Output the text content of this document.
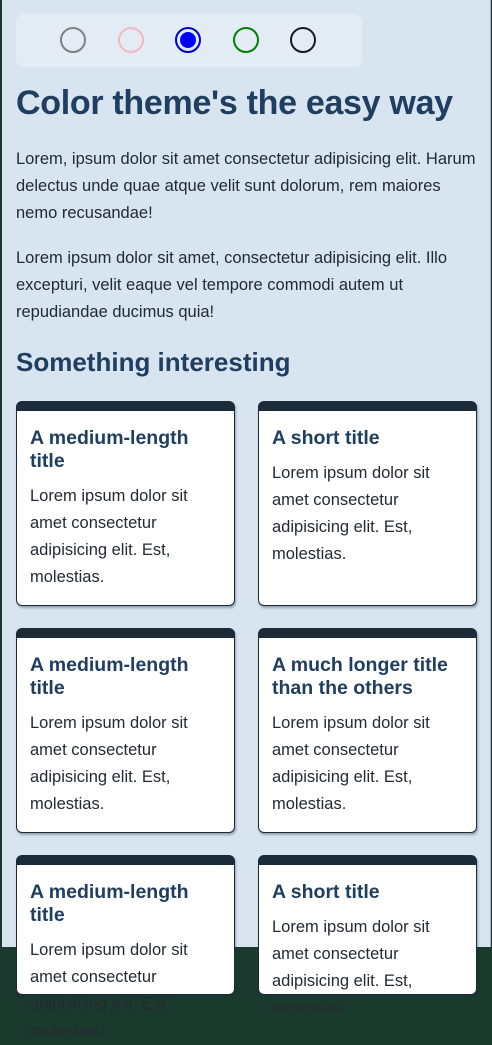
Color theme's the easy way

Lorem, ipsum dolor sit amet consectetur adipisicing elit. Harum delectus unde quae atque velit sunt dolorum, rem maiores nemo recusandae!

Lorem ipsum dolor sit amet, consectetur adipisicing elit. Illo excepturi, velit eaque vel tempore commodi autem ut repudiandae ducimus quia!

Something interesting
A medium-length title
Lorem ipsum dolor sit amet consectetur adipisicing elit. Est, molestias.
A short title
Lorem ipsum dolor sit amet consectetur adipisicing elit. Est, molestias.
A medium-length title
Lorem ipsum dolor sit amet consectetur adipisicing elit. Est, molestias.
A much longer title than the others
Lorem ipsum dolor sit amet consectetur adipisicing elit. Est, molestias.
A medium-length title
Lorem ipsum dolor sit amet consectetur adipisicing elit. Est, molestias.
A short title
Lorem ipsum dolor sit amet consectetur adipisicing elit. Est, molestias.
